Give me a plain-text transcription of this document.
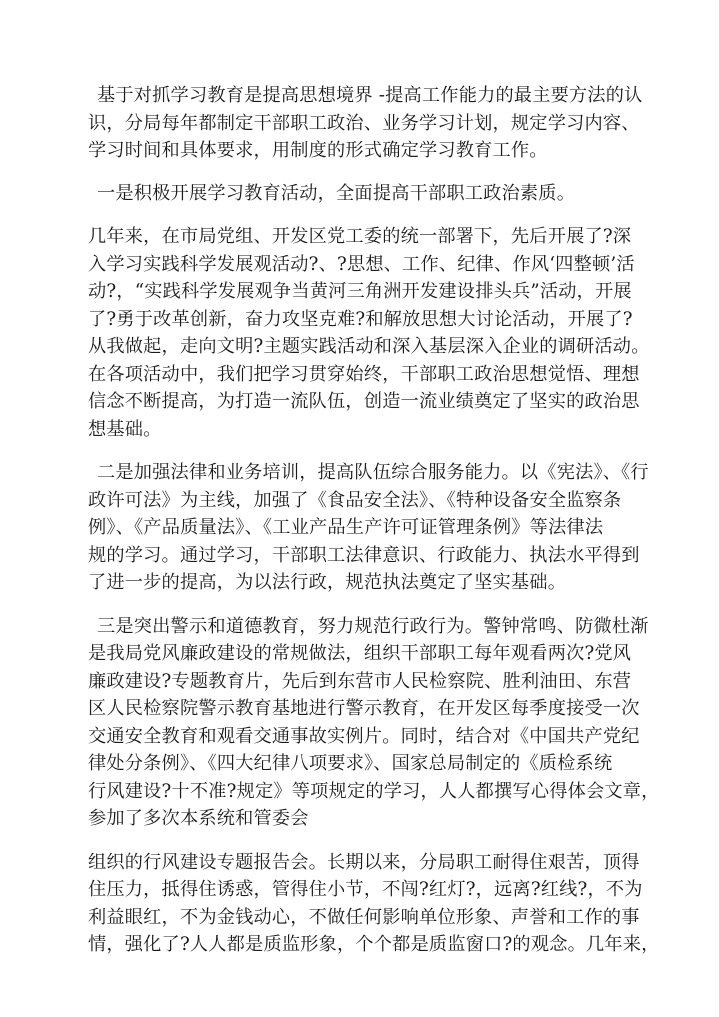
基于对抓学习教育是提高思想境界 -提高工作能力的最主要方法的认
识，分局每年都制定干部职工政治、业务学习计划，规定学习内容、
学习时间和具体要求，用制度的形式确定学习教育工作。
一是积极开展学习教育活动，全面提高干部职工政治素质。
几年来，在市局党组、开发区党工委的统一部署下，先后开展了?深
入学习实践科学发展观活动?、?思想、工作、纪律、作风‘四整顿’活
动?，“实践科学发展观争当黄河三角洲开发建设排头兵”活动，开展
了?勇于改革创新，奋力攻坚克难?和解放思想大讨论活动，开展了?
从我做起，走向文明?主题实践活动和深入基层深入企业的调研活动。
在各项活动中，我们把学习贯穿始终，干部职工政治思想觉悟、理想
信念不断提高，为打造一流队伍，创造一流业绩奠定了坚实的政治思
想基础。
二是加强法律和业务培训，提高队伍综合服务能力。以《宪法》、《行
政许可法》为主线，加强了《食品安全法》、《特种设备安全监察条
例》、《产品质量法》、《工业产品生产许可证管理条例》等法律法
规的学习。通过学习，干部职工法律意识、行政能力、执法水平得到
了进一步的提高，为以法行政，规范执法奠定了坚实基础。
三是突出警示和道德教育，努力规范行政行为。警钟常鸣、防微杜渐
是我局党风廉政建设的常规做法，组织干部职工每年观看两次?党风
廉政建设?专题教育片，先后到东营市人民检察院、胜利油田、东营
区人民检察院警示教育基地进行警示教育，在开发区每季度接受一次
交通安全教育和观看交通事故实例片。同时，结合对《中国共产党纪
律处分条例》、《四大纪律八项要求》、国家总局制定的《质检系统
行风建设?十不准?规定》等项规定的学习，人人都撰写心得体会文章，
参加了多次本系统和管委会
组织的行风建设专题报告会。长期以来，分局职工耐得住艰苦，顶得
住压力，抵得住诱惑，管得住小节，不闯?红灯?，远离?红线?，不为
利益眼红，不为金钱动心，不做任何影响单位形象、声誉和工作的事
情，强化了?人人都是质监形象，个个都是质监窗口?的观念。几年来，
